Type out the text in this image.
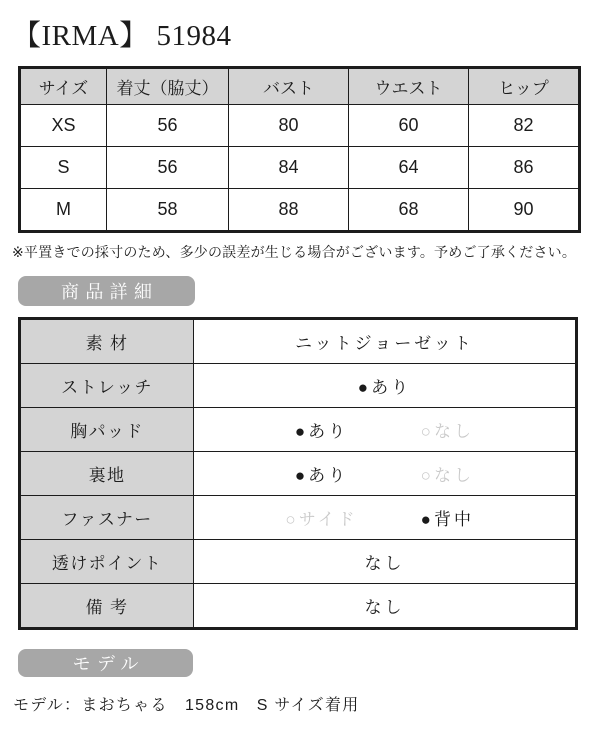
【IRMA】 51984
サイズ	着丈（脇丈）	バスト	ウエスト	ヒップ
XS	56	80	60	82
S	56	84	64	86
M	58	88	68	90

※平置きでの採寸のため、多少の誤差が生じる場合がございます。予めご了承ください。

商品詳細
素 材	ニットジョーゼット
ストレッチ	●あり
胸パッド	●あり ○なし
裏地	●あり ○なし
ファスナー	○サイド ●背中
透けポイント	なし
備 考	なし
モデル

モデル：まおちゃる　158cm　S サイズ着用
